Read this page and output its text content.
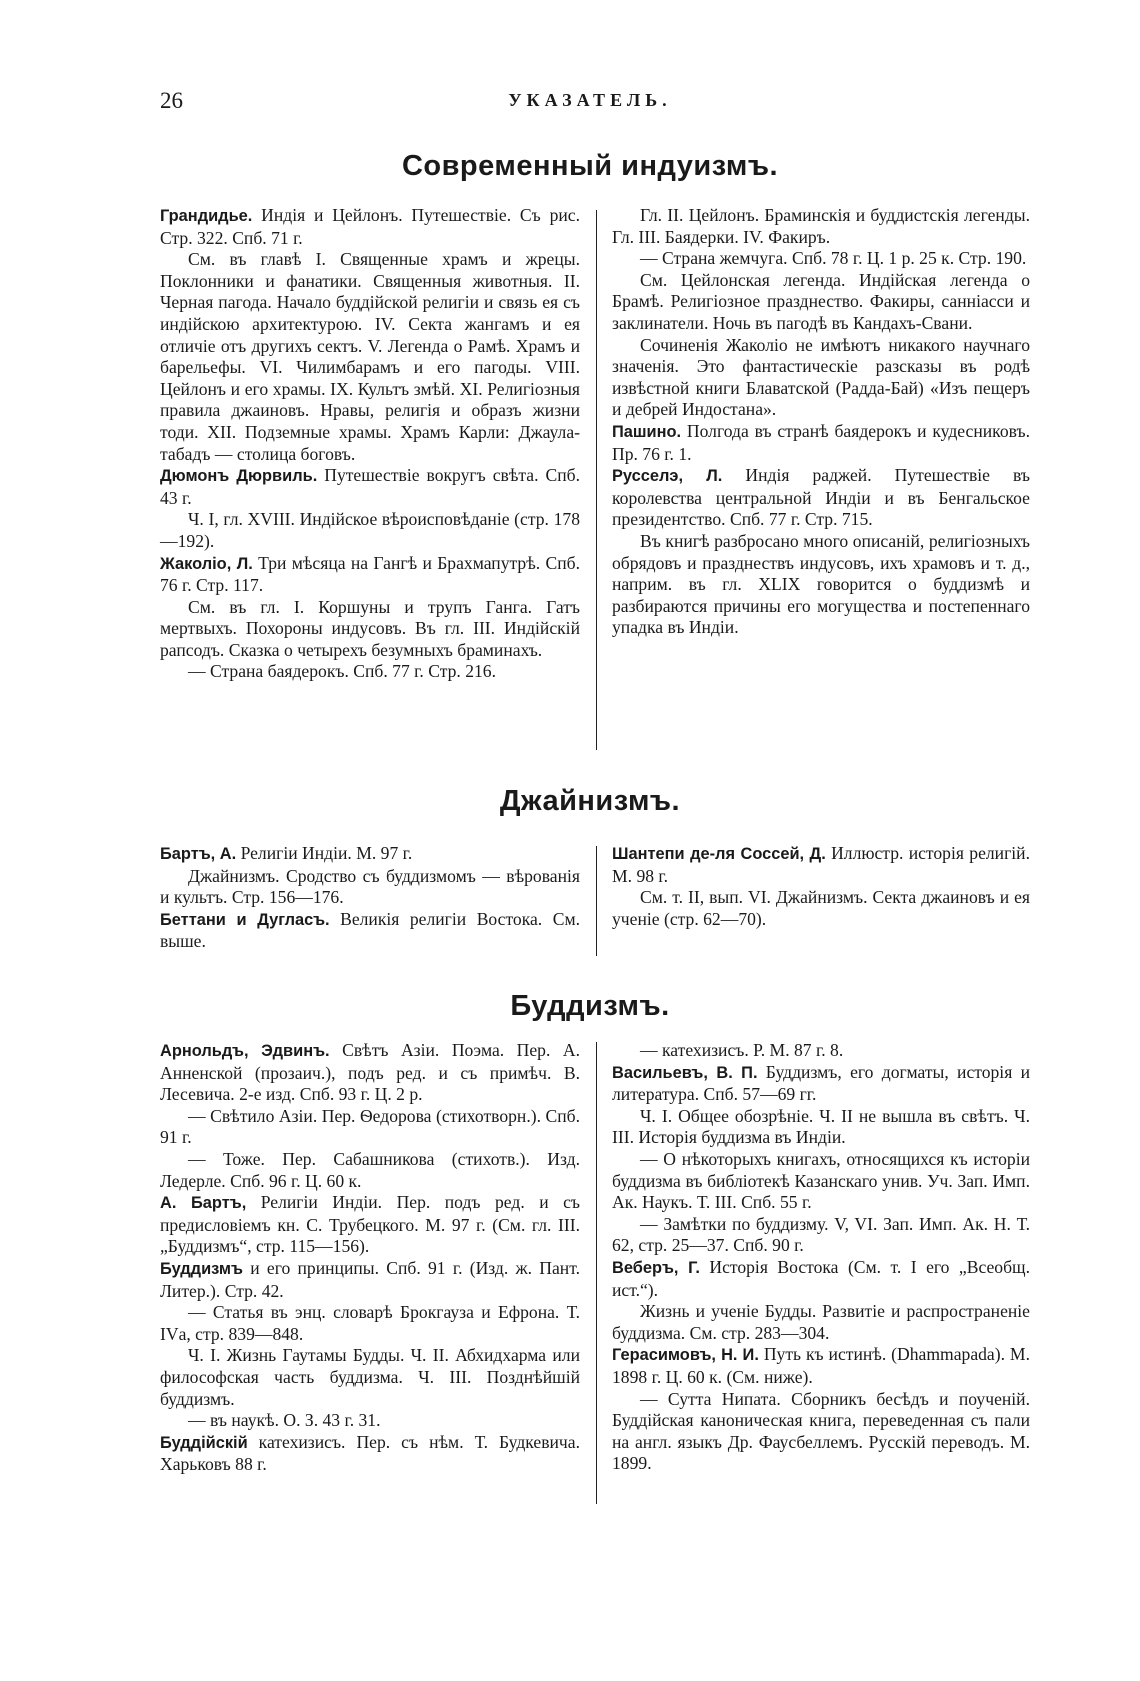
26	УКАЗАТЕЛЬ.
Современный индуизмъ.

Грандидье. Индія и Цейлонъ. Путешествіе. Съ рис. Стр. 322. Спб. 71 г.

См. въ главѣ I. Священные храмъ и жрецы. Поклонники и фанатики. Священныя животныя. II. Черная пагода. Начало буддійской религіи и связь ея съ индійскою архитектурою. IV. Секта жангамъ и ея отличіе отъ другихъ сектъ. V. Легенда о Рамѣ. Храмъ и барельефы. VI. Чилимбарамъ и его пагоды. VIII. Цейлонъ и его храмы. IX. Культъ змѣй. XI. Религіозныя правила джаиновъ. Нравы, религія и образъ жизни тоди. XII. Подземные храмы. Храмъ Карли: Джаула-табадъ — столица боговъ.

Дюмонъ Дюрвиль. Путешествіе вокругъ свѣта. Спб. 43 г.

Ч. I, гл. XVIII. Индійское вѣроисповѣданіе (стр. 178—192).

Жаколіо, Л. Три мѣсяца на Гангѣ и Брахмапутрѣ. Спб. 76 г. Стр. 117.

См. въ гл. I. Коршуны и трупъ Ганга. Гатъ мертвыхъ. Похороны индусовъ. Въ гл. III. Индійскій рапсодъ. Сказка о четырехъ безумныхъ браминахъ.

— Страна баядерокъ. Спб. 77 г. Стр. 216.

Гл. II. Цейлонъ. Браминскія и буддистскія легенды. Гл. III. Баядерки. IV. Факиръ.

— Страна жемчуга. Спб. 78 г. Ц. 1 р. 25 к. Стр. 190.

См. Цейлонская легенда. Индійская легенда о Брамѣ. Религіозное празднество. Факиры, санніасси и заклинатели. Ночь въ пагодѣ въ Кандахъ-Свани.

Сочиненія Жаколіо не имѣютъ никакого научнаго значенія. Это фантастическіе разсказы въ родѣ извѣстной книги Блаватской (Радда-Бай) «Изъ пещеръ и дебрей Индостана».

Пашино. Полгода въ странѣ баядерокъ и кудесниковъ. Пр. 76 г. 1.

Русселэ, Л. Индія раджей. Путешествіе въ королевства центральной Индіи и въ Бенгальское президентство. Спб. 77 г. Стр. 715.

Въ книгѣ разбросано много описаній, религіозныхъ обрядовъ и празднествъ индусовъ, ихъ храмовъ и т. д., наприм. въ гл. XLIX говорится о буддизмѣ и разбираются причины его могущества и постепеннаго упадка въ Индіи.

Джайнизмъ.

Бартъ, А. Религіи Индіи. М. 97 г.

Джайнизмъ. Сродство съ буддизмомъ — вѣрованія и культъ. Стр. 156—176.

Беттани и Дугласъ. Великія религіи Востока. См. выше.

Шантепи де-ля Соссей, Д. Иллюстр. исторія религій. М. 98 г.

См. т. II, вып. VI. Джайнизмъ. Секта джаиновъ и ея ученіе (стр. 62—70).

Буддизмъ.

Арнольдъ, Эдвинъ. Свѣтъ Азіи. Поэма. Пер. А. Анненской (прозаич.), подъ ред. и съ примѣч. В. Лесевича. 2-е изд. Спб. 93 г. Ц. 2 р.

— Свѣтило Азіи. Пер. Ѳедорова (стихотворн.). Спб. 91 г.

— Тоже. Пер. Сабашникова (стихотв.). Изд. Ледерле. Спб. 96 г. Ц. 60 к.

А. Бартъ, Религіи Индіи. Пер. подъ ред. и съ предисловіемъ кн. С. Трубецкого. М. 97 г. (См. гл. III. „Буддизмъ“, стр. 115—156).

Буддизмъ и его принципы. Спб. 91 г. (Изд. ж. Пант. Литер.). Стр. 42.

— Статья въ энц. словарѣ Брокгауза и Ефрона. Т. IVа, стр. 839—848.

Ч. I. Жизнь Гаутамы Будды. Ч. II. Абхидхарма или философская часть буддизма. Ч. III. Позднѣйшій буддизмъ.

— въ наукѣ. О. З. 43 г. 31.

Буддійскій катехизисъ. Пер. съ нѣм. Т. Будкевича. Харьковъ 88 г.

— катехизисъ. Р. М. 87 г. 8.

Васильевъ, В. П. Буддизмъ, его догматы, исторія и литература. Спб. 57—69 гг.

Ч. I. Общее обозрѣніе. Ч. II не вышла въ свѣтъ. Ч. III. Исторія буддизма въ Индіи.

— О нѣкоторыхъ книгахъ, относящихся къ исторіи буддизма въ библіотекѣ Казанскаго унив. Уч. Зап. Имп. Ак. Наукъ. Т. III. Спб. 55 г.

— Замѣтки по буддизму. V, VI. Зап. Имп. Ак. Н. Т. 62, стр. 25—37. Спб. 90 г.

Веберъ, Г. Исторія Востока (См. т. I его „Всеобщ. ист.“).

Жизнь и ученіе Будды. Развитіе и распространеніе буддизма. См. стр. 283—304.

Герасимовъ, Н. И. Путь къ истинѣ. (Dhammapada). М. 1898 г. Ц. 60 к. (См. ниже).

— Сутта Нипата. Сборникъ бесѣдъ и поученій. Буддійская каноническая книга, переведенная съ пали на англ. языкъ Др. Фаусбеллемъ. Русскій переводъ. М. 1899.
